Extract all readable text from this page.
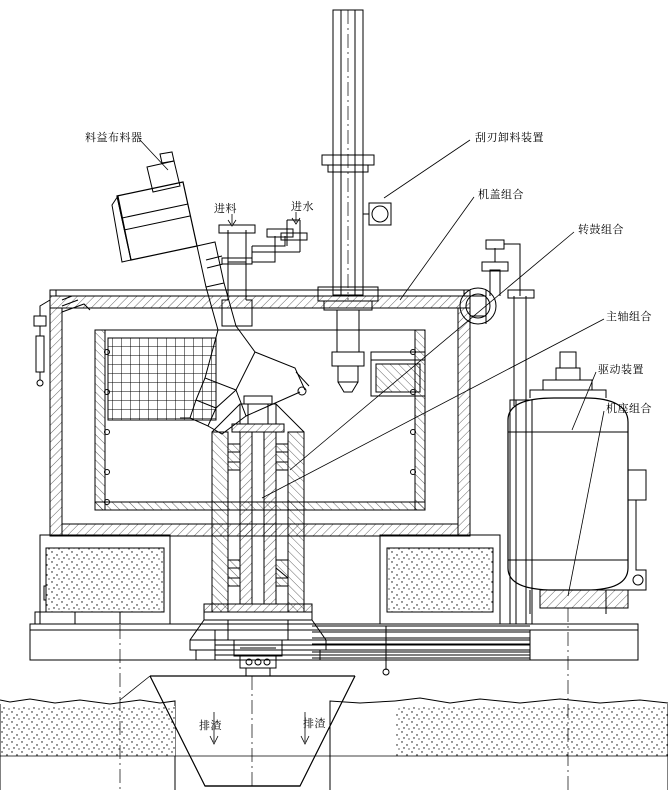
料益布料器	刮刃卸料装置
进料	进水
机盖组合
转鼓组合
主轴组合
驱动装置
机座组合
排渣	排渣
